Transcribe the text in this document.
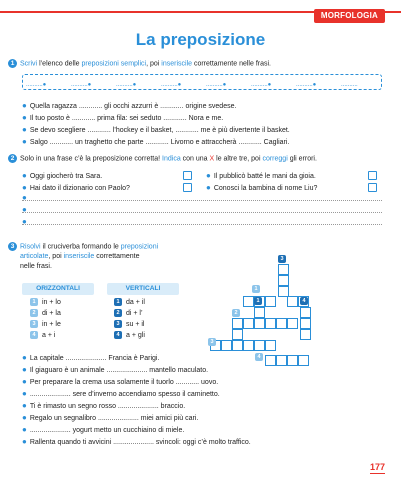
MORFOLOGIA
La preposizione
1 Scrivi l’elenco delle preposizioni semplici, poi inseriscile correttamente nelle frasi.
..........●	..........●	..........●	..........●	..........●	..........●	..........●	..........
● Quella ragazza ............ gli occhi azzurri è ............ origine svedese.
● Il tuo posto è ............ prima fila: sei seduto ............ Nora e me.
● Se devo scegliere ............ l’hockey e il basket, ............ me è più divertente il basket.
● Salgo ............ un traghetto che parte ............ Livorno e attraccherà ............ Cagliari.
2 Solo in una frase c’è la preposizione corretta! Indica con una X le altre tre, poi correggi gli errori.
● Oggi giocherò tra Sara.
● Hai dato il dizionario con Paolo?
● Il pubblicò batté le mani da gioia.
● Conosci la bambina di nome Liu?
●
●
●
3 Risolvi il cruciverba formando le preposizioni
articolate, poi inseriscile correttamente
nelle frasi.
ORIZZONTALI	VERTICALI
1 in + lo
2 di + la
3 in + le
4 a + i
1 da + il
2 di + l’
3 su + il
4 a + gli
3
1
1	4
2
3
4
● La capitale ..................... Francia è Parigi.
● Il giaguaro è un animale ..................... mantello maculato.
● Per preparare la crema usa solamente il tuorlo ............ uovo.
● ..................... sere d’inverno accendiamo spesso il caminetto.
● Ti è rimasto un segno rosso ..................... braccio.
● Regalo un segnalibro ..................... miei amici più cari.
● ..................... yogurt metto un cucchiaino di miele.
● Rallenta quando ti avvicini ..................... svincoli: oggi c’è molto traffico.
177
